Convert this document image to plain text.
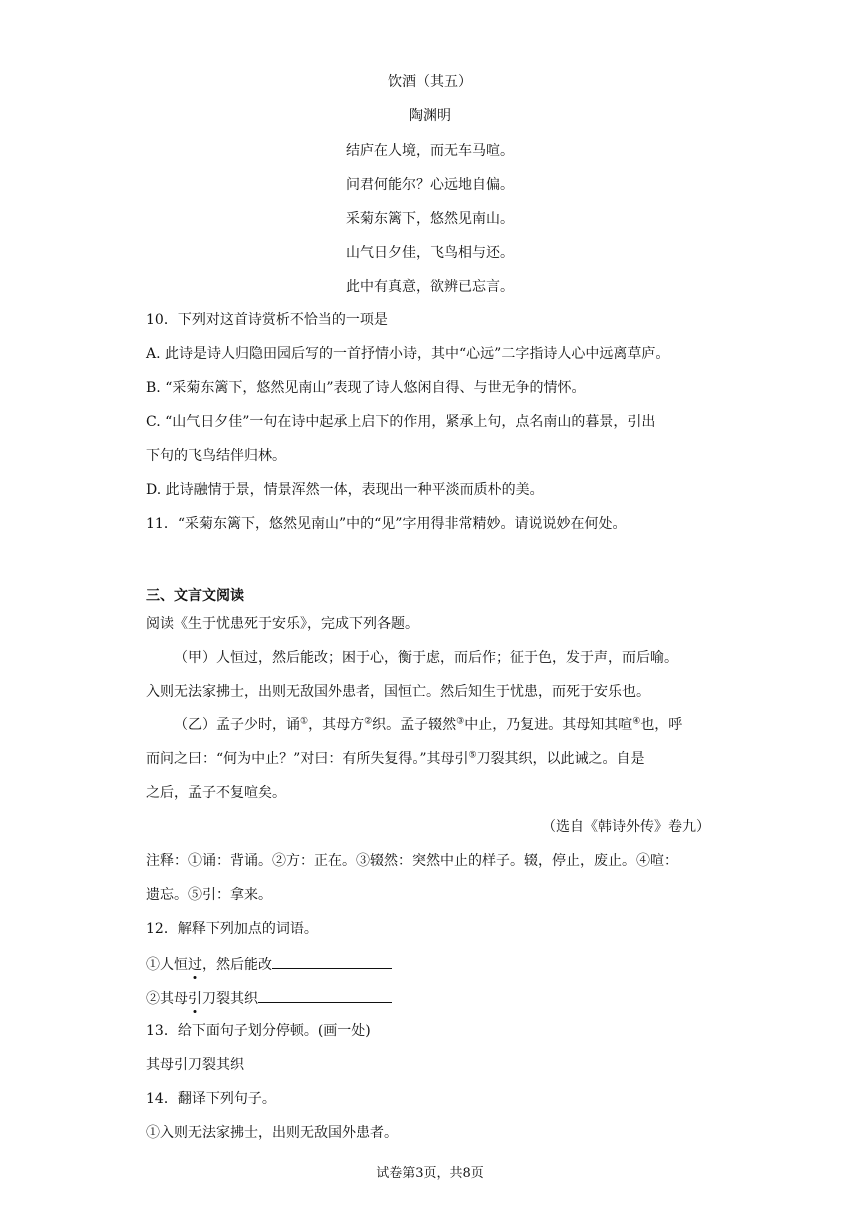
饮酒（其五）
陶渊明
结庐在人境，而无车马喧。
问君何能尔？心远地自偏。
采菊东篱下，悠然见南山。
山气日夕佳，飞鸟相与还。
此中有真意，欲辨已忘言。
10．下列对这首诗赏析不恰当的一项是
A. 此诗是诗人归隐田园后写的一首抒情小诗，其中“心远”二字指诗人心中远离草庐。
B. “采菊东篱下，悠然见南山”表现了诗人悠闲自得、与世无争的情怀。
C. “山气日夕佳”一句在诗中起承上启下的作用，紧承上句，点名南山的暮景，引出
下句的飞鸟结伴归林。
D. 此诗融情于景，情景浑然一体，表现出一种平淡而质朴的美。
11．“采菊东篱下，悠然见南山”中的“见”字用得非常精妙。请说说妙在何处。
三、文言文阅读
阅读《生于忧患死于安乐》，完成下列各题。
（甲）人恒过，然后能改；困于心，衡于虑，而后作；征于色，发于声，而后喻。
入则无法家拂士，出则无敌国外患者，国恒亡。然后知生于忧患，而死于安乐也。
（乙）孟子少时，诵①，其母方②织。孟子辍然③中止，乃复进。其母知其喧④也，呼
而问之曰：“何为中止？”对曰：有所失复得。”其母引⑤刀裂其织，以此诫之。自是
之后，孟子不复喧矣。
（选自《韩诗外传》卷九）
注释：①诵：背诵。②方：正在。③辍然：突然中止的样子。辍，停止，废止。④喧：
遗忘。⑤引：拿来。
12．解释下列加点的词语。
①人恒过，然后能改
②其母引刀裂其织
13．给下面句子划分停顿。(画一处)
其母引刀裂其织
14．翻译下列句子。
①入则无法家拂士，出则无敌国外患者。
试卷第3页，共8页
